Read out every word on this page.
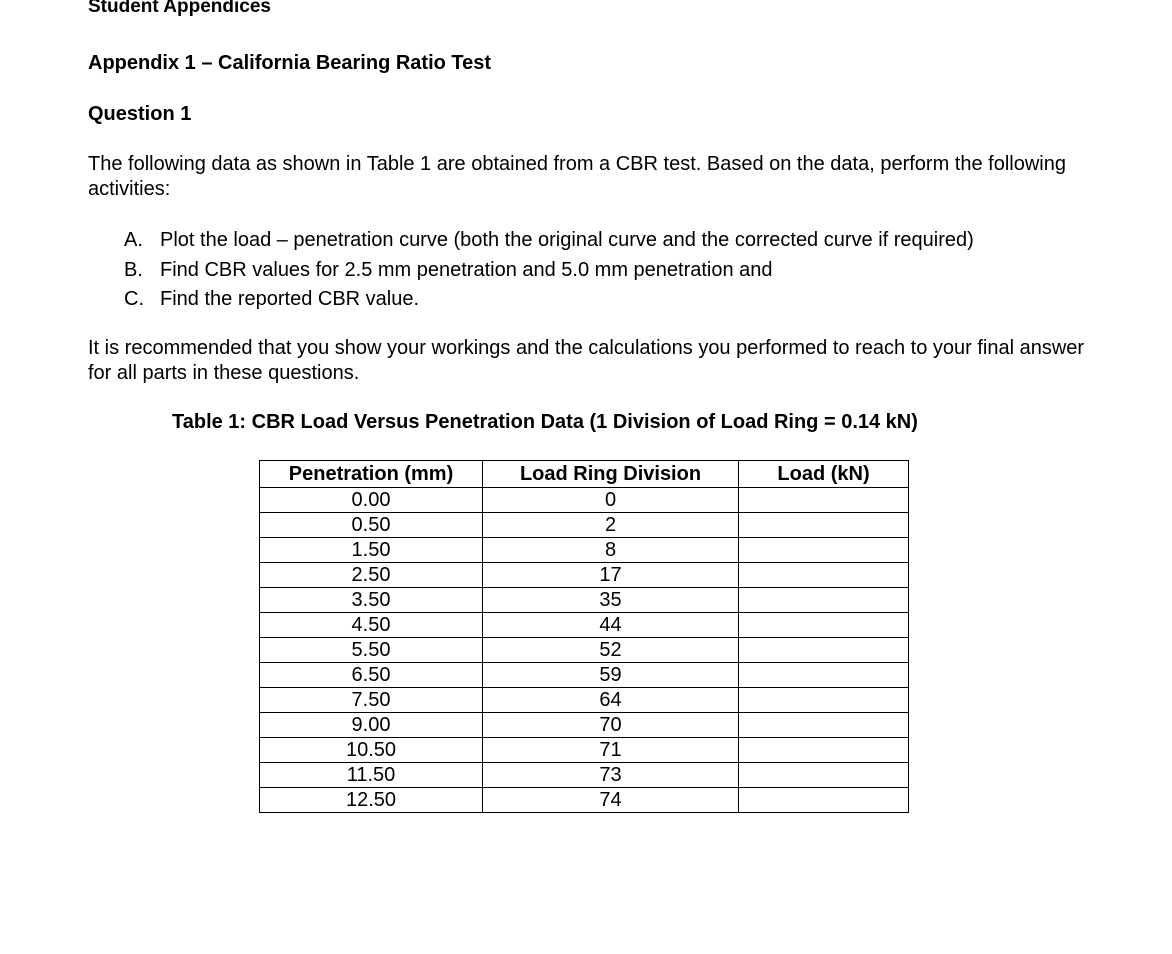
Student Appendices
Appendix 1 – California Bearing Ratio Test
Question 1
The following data as shown in Table 1 are obtained from a CBR test. Based on the data, perform the following activities:
A. Plot the load – penetration curve (both the original curve and the corrected curve if required)
B. Find CBR values for 2.5 mm penetration and 5.0 mm penetration and
C. Find the reported CBR value.
It is recommended that you show your workings and the calculations you performed to reach to your final answer for all parts in these questions.
Table 1: CBR Load Versus Penetration Data (1 Division of Load Ring = 0.14 kN)
Penetration (mm)	Load Ring Division	Load (kN)
0.00	0	
0.50	2	
1.50	8	
2.50	17	
3.50	35	
4.50	44	
5.50	52	
6.50	59	
7.50	64	
9.00	70	
10.50	71	
11.50	73	
12.50	74	
